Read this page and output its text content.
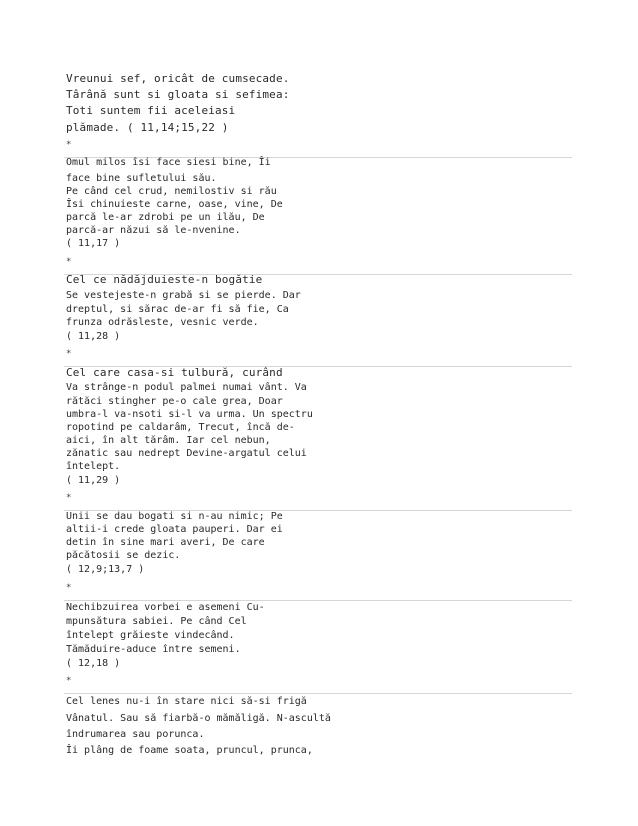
Vreunui sef, oricât de cumsecade.
Târână sunt si gloata si sefimea:
Toti suntem fii aceleiasi
plămade. ( 11,14;15,22 )
*
Omul milos îsi face siesi bine, Îi
face bine sufletului său.
Pe când cel crud, nemilostiv si rău
Îsi chinuieste carne, oase, vine, De
parcă le-ar zdrobi pe un ilău, De
parcă-ar năzui să le-nvenine.
( 11,17 )
*
Cel ce nădăjduieste-n bogătie
Se vestejeste-n grabă si se pierde. Dar
dreptul, si sărac de-ar fi să fie, Ca
frunza odrăsleste, vesnic verde.
( 11,28 )
*
Cel care casa-si tulbură, curând
Va strânge-n podul palmei numai vânt. Va
rătăci stingher pe-o cale grea, Doar
umbra-l va-nsoti si-l va urma. Un spectru
ropotind pe caldarâm, Trecut, încă de-
aici, în alt tărâm. Iar cel nebun,
zănatic sau nedrept Devine-argatul celui
întelept.
( 11,29 )
*
Unii se dau bogati si n-au nimic; Pe
altii-i crede gloata pauperi. Dar ei
detin în sine mari averi, De care
păcătosii se dezic.
( 12,9;13,7 )
*
Nechibzuirea vorbei e asemeni Cu-
mpunsătura sabiei. Pe când Cel
întelept grăieste vindecând.
Tămăduire-aduce între semeni.
( 12,18 )
*
Cel lenes nu-i în stare nici să-si frigă
Vânatul. Sau să fiarbă-o mămăligă. N-ascultă
îndrumarea sau porunca.
Îi plâng de foame soata, pruncul, prunca,
